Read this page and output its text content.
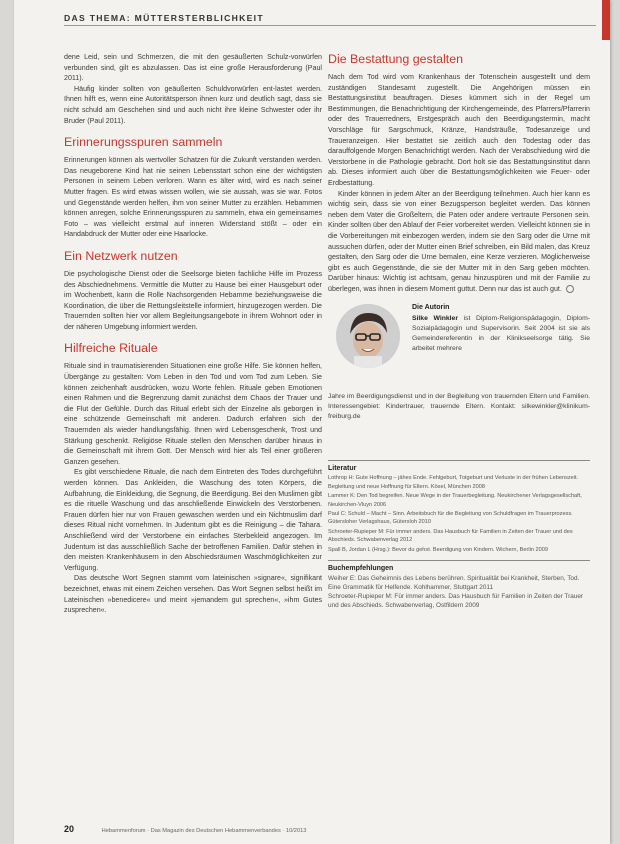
DAS THEMA: MÜTTERSTERBLICHKEIT

dene Leid, sein und Schmerzen, die mit den gesäußerten Schulz-vorwürfen verbunden sind, gilt es abzulassen. Das ist eine große Herausforderung (Paul 2011).

Häufig kinder sollten von geäußerten Schuldvorwürfen ent-lastet werden. Ihnen hilft es, wenn eine Autoritätsperson ihnen kurz und deutlich sagt, dass sie nicht schuld am Geschehen sind und auch nicht ihre kleine Schwester oder ihr Bruder (Paul 2011).

Erinnerungsspuren sammeln

Erinnerungen können als wertvoller Schatzen für die Zukunft verstanden werden. Das neugeborene Kind hat nie seinen Lebensstart schon eine der wichtigsten Personen in seinem Leben verloren. Wann es älter wird, wird es nach seiner Mutter fragen. Es wird etwas wissen wollen, wie sie aussah, was sie war. Fotos und Gegenstände werden helfen, ihm von seiner Mutter zu erzählen. Hebammen können anregen, solche Erinnerungsspuren zu sammeln, etwa ein gemeinsames Foto – was vielleicht erstmal auf inneren Widerstand stößt – oder ein Handabdruck der Mutter oder eine Haarlocke.

Ein Netzwerk nutzen

Die psychologische Dienst oder die Seelsorge bieten fachliche Hilfe im Prozess des Abschiednehmens. Vermittle die Mutter zu Hause bei einer Hausgeburt oder im Wochenbett, kann die Rolle Nachsorgenden Hebamme beziehungsweise die Koordination, die über die Rettungsleitstelle informiert, hinzugezogen werden. Die Trauernden sollten hier vor allem Begleitungsangebote in ihrem Wohnort oder in der näheren Umgebung informiert werden.

Hilfreiche Rituale

Rituale sind in traumatisierenden Situationen eine große Hilfe. Sie können helfen, Übergänge zu gestalten: Vom Leben in den Tod und vom Tod zum Leben. Sie können zeichenhaft ausdrücken, wozu Worte fehlen. Rituale geben Emotionen einen Rahmen und die Begrenzung damit zunächst dem Chaos der Trauer und die Flut der Gefühle. Durch das Ritual erlebt sich der Einzelne als geborgen in eine schützende Gemeinschaft mit anderen. Dadurch erfahren sich der Trauernden als wieder handlungsfähig. Ihnen wird Lebensgeschenk, Trost und Stärkung geschenkt. Religiöse Rituale stellen den Menschen darüber hinaus in die Gemeinschaft mit ihrem Gott. Der Mensch wird hier als Teil einer größeren Ganzen gesehen.

Es gibt verschiedene Rituale, die nach dem Eintreten des Todes durchgeführt werden können. Das Ankleiden, die Waschung des toten Körpers, die Aufbahrung, die Einkleidung, die Segnung, die Beerdigung. Bei den Muslimen gibt es die rituelle Waschung und das anschließende Einwickeln des Verstorbenen. Frauen dürfen hier nur von Frauen gewaschen werden und ein Nichtmuslim darf dieses Ritual nicht vornehmen. In Judentum gibt es die Reinigung – die Tahara. Anschließend wird der Verstorbene ein einfaches Sterbekleid angezogen. Im Judentum ist das ausschließlich Sache der betroffenen Familien. Dafür stehen in den meisten Krankenhäusern in den Abschiedsräumen Waschmöglichkeiten zur Verfügung.

Das deutsche Wort Segnen stammt vom lateinischen »signare«, signifikant bezeichnet, etwas mit einem Zeichen versehen. Das Wort Segnen selbst heißt im Lateinischen »benedicere« und meint »jemandem gut sprechen«, »ihm Gutes zusprechen«.

Die Bestattung gestalten

Nach dem Tod wird vom Krankenhaus der Totenschein ausgestellt und dem zuständigen Standesamt zugestellt. Die Angehörigen müssen ein Bestattungsinstitut beauftragen. Dieses kümmert sich in der Regel um Bestimmungen, die Benachrichtigung der Kirchengemeinde, des Pfarrers/Pfarrerin oder des Trauerredners, Erstgespräch auch den Beerdigungstermin, macht Vorschläge für Sargschmuck, Kränze, Handsträuße, Todesanzeige und Traueranzeigen. Hier bestattet sie zeitlich auch den Todestag oder das darauffolgende Morgen Benachrichtigt werden. Nach der Verabschiedung wird die Verstorbene in die Pathologie gebracht. Dort holt sie das Bestattungsinstitut dann ab. Dieses informiert auch über die Bestattungsmöglichkeiten wie Feuer- oder Erdbestattung.

Kinder können in jedem Alter an der Beerdigung teilnehmen. Auch hier kann es wichtig sein, dass sie von einer Bezugsperson begleitet werden. Das können neben dem Vater die Großeltern, die Paten oder andere vertraute Personen sein. Kinder sollten über den Ablauf der Feier vorbereitet werden. Vielleicht können sie in die Vorbereitungen mit einbezogen werden, indem sie den Sarg oder die Urne mit aussuchen dürfen, oder der Mutter einen Brief schreiben, ein Bild malen, das Kreuz gestalten, den Sarg oder die Urne bemalen, eine Kerze verzieren. Möglicherweise gibt es auch Gegenstände, die sie der Mutter mit in den Sarg geben möchten. Darüber hinaus: Wichtig ist achtsam, genau hinzuspüren und mit der Familie zu überlegen, was ihnen in diesem Moment guttut. Denn nur das ist auch gut.

Die Autorin
Silke Winkler ist Diplom-Religionspädagogin, Diplom-Sozialpädagogin und Supervisorin. Seit 2004 ist sie als Gemeindereferentin in der Klinikseelsorge tätig. Sie arbeitet mehrere
Jahre im Beerdigungsdienst und in der Begleitung von trauernden Eltern und Familien. Interessengebiet: Kindertrauer, trauernde Eltern. Kontakt: silkewinkler@klinikum-freiburg.de
Literatur

Lothrop H: Gute Hoffnung – jähes Ende. Fehlgeburt, Totgeburt und Verluste in der frühen Lebenszeit. Begleitung und neue Hoffnung für Eltern. Kösel, München 2008

Lammer K: Den Tod begreifen. Neue Wege in der Trauerbegleitung. Neukirchener Verlagsgesellschaft, Neukirchen-Vluyn 2006

Paul C: Schuld – Macht – Sinn. Arbeitsbuch für die Begleitung von Schuldfragen im Trauerprozess. Gütersloher Verlagshaus, Gütersloh 2010

Schroeter-Rupieper M: Für immer anders. Das Hausbuch für Familien in Zeiten der Trauer und des Abschieds. Schwabenverlag 2012

Spall B, Jordan L (Hrsg.): Bevor du gehst. Beerdigung von Kindern. Wichern, Berlin 2009

Buchempfehlungen

Weiher E: Das Geheimnis des Lebens berühren. Spiritualität bei Krankheit, Sterben, Tod. Eine Grammatik für Helfende. Kohlhammer, Stuttgart 2011

Schroeter-Rupieper M: Für immer anders. Das Hausbuch für Familien in Zeiten der Trauer und des Abschieds. Schwabenverlag, Ostfildern 2009

20	Hebammenforum · Das Magazin des Deutschen Hebammenverbandes · 10/2013
